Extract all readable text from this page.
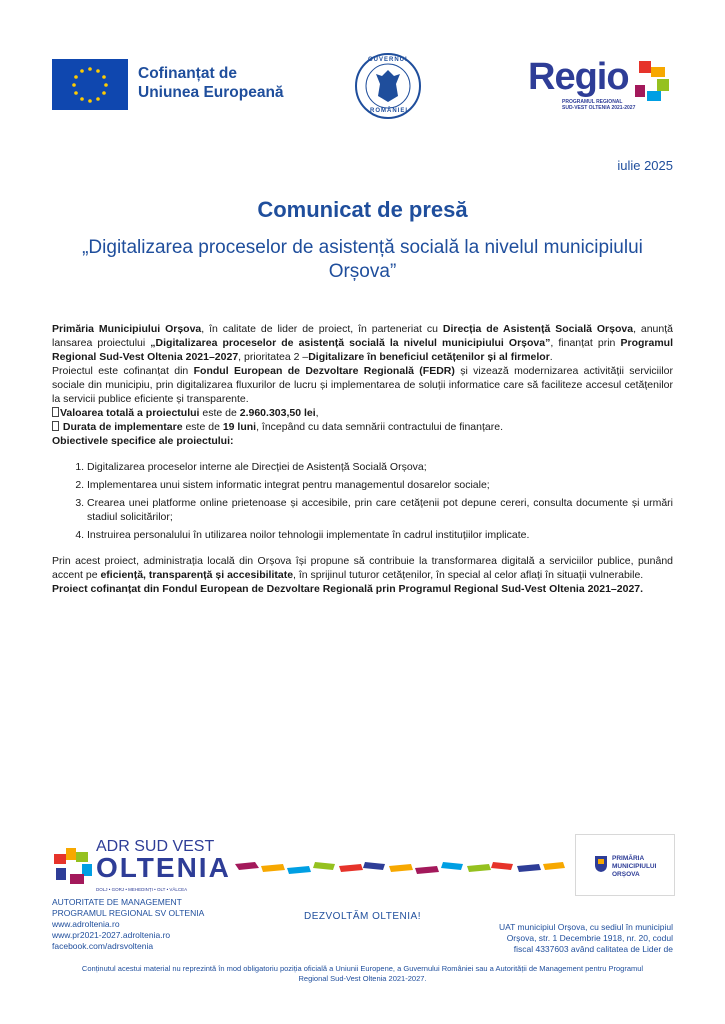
Cofinanțat de
Uniunea Europeană
GUVERNUL
ROMÂNIEI
Regio
PROGRAMUL REGIONAL
SUD-VEST OLTENIA 2021-2027
iulie 2025
Comunicat de presă
„Digitalizarea proceselor de asistență socială la nivelul municipiului Orșova”

Primăria Municipiului Orșova, în calitate de lider de proiect, în parteneriat cu Direcția de Asistență Socială Orșova, anunță lansarea proiectului „Digitalizarea proceselor de asistență socială la nivelul municipiului Orșova”, finanțat prin Programul Regional Sud-Vest Oltenia 2021–2027, prioritatea 2 –Digitalizare în beneficiul cetățenilor și al firmelor.

Proiectul este cofinanțat din Fondul European de Dezvoltare Regională (FEDR) și vizează modernizarea activității serviciilor sociale din municipiu, prin digitalizarea fluxurilor de lucru și implementarea de soluții informatice care să faciliteze accesul cetățenilor la servicii publice eficiente și transparente.

Valoarea totală a proiectului este de 2.960.303,50 lei,

Durata de implementare este de 19 luni, începând cu data semnării contractului de finanțare.

Obiectivele specifice ale proiectului:

1. Digitalizarea proceselor interne ale Direcției de Asistență Socială Orșova;
2. Implementarea unui sistem informatic integrat pentru managementul dosarelor sociale;
3. Crearea unei platforme online prietenoase și accesibile, prin care cetățenii pot depune cereri, consulta documente și urmări stadiul solicitărilor;
4. Instruirea personalului în utilizarea noilor tehnologii implementate în cadrul instituțiilor implicate.

Prin acest proiect, administrația locală din Orșova își propune să contribuie la transformarea digitală a serviciilor publice, punând accent pe eficiență, transparență și accesibilitate, în sprijinul tuturor cetățenilor, în special al celor aflați în situații vulnerabile.

Proiect cofinanțat din Fondul European de Dezvoltare Regională prin Programul Regional Sud-Vest Oltenia 2021–2027.

ADR SUD VEST
OLTENIA
DOLJ • GORJ • MEHEDINȚI • OLT • VÂLCEA
PRIMĂRIA
MUNICIPIULUI
ORȘOVA
AUTORITATE DE MANAGEMENT
PROGRAMUL REGIONAL SV OLTENIA
www.adroltenia.ro
www.pr2021-2027.adroltenia.ro
facebook.com/adrsvoltenia
DEZVOLTĂM OLTENIA!
UAT municipiul Orșova, cu sediul în municipiul
Orșova, str. 1 Decembrie 1918, nr. 20, codul
fiscal 4337603 având calitatea de Lider de
Conținutul acestui material nu reprezintă în mod obligatoriu poziția oficială a Uniunii Europene, a Guvernului României sau a Autorității de Management pentru Programul Regional Sud-Vest Oltenia 2021-2027.
